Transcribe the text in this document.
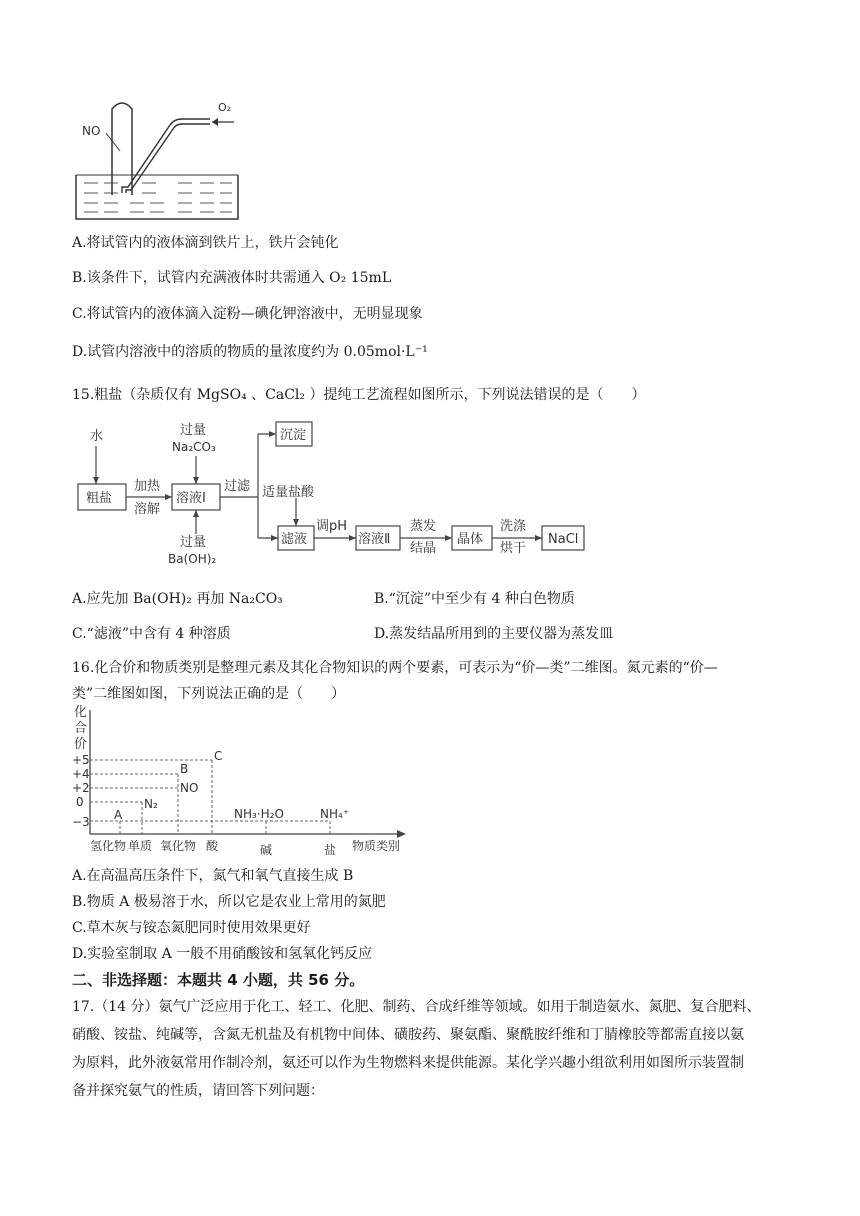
NO
O₂
A.将试管内的液体滴到铁片上，铁片会钝化
B.该条件下，试管内充满液体时共需通入 O₂ 15mL
C.将试管内的液体滴入淀粉—碘化钾溶液中，无明显现象
D.试管内溶液中的溶质的物质的量浓度约为 0.05mol·L⁻¹
15.粗盐（杂质仅有 MgSO₄ 、CaCl₂ ）提纯工艺流程如图所示，下列说法错误的是（　　）
水
粗盐
加热
溶解
溶液Ⅰ
过量
Na₂CO₃
过量
Ba(OH)₂
过滤
沉淀
适量盐酸
滤液
调pH
溶液Ⅱ
蒸发
结晶
晶体
洗涤
烘干
NaCl
A.应先加 Ba(OH)₂ 再加 Na₂CO₃	B.“沉淀”中至少有 4 种白色物质
C.“滤液”中含有 4 种溶质	D.蒸发结晶所用到的主要仪器为蒸发皿
16.化合价和物质类别是整理元素及其化合物知识的两个要素，可表示为“价—类”二维图。氮元素的“价—
类”二维图如图，下列说法正确的是（　　）
化
合
价
+5
+4
+2
0
−3 A
N₂
NO
B
C
NH₃·H₂O	NH₄⁺
氢化物 单质 氧化物 酸	碱	盐 物质类别
A.在高温高压条件下，氮气和氧气直接生成 B
B.物质 A 极易溶于水，所以它是农业上常用的氮肥
C.草木灰与铵态氮肥同时使用效果更好
D.实验室制取 A 一般不用硝酸铵和氢氧化钙反应
二、非选择题：本题共 4 小题，共 56 分。
17.（14 分）氨气广泛应用于化工、轻工、化肥、制药、合成纤维等领域。如用于制造氨水、氮肥、复合肥料、
硝酸、铵盐、纯碱等，含氮无机盐及有机物中间体、磺胺药、聚氨酯、聚酰胺纤维和丁腈橡胶等都需直接以氨
为原料，此外液氨常用作制冷剂，氨还可以作为生物燃料来提供能源。某化学兴趣小组欲利用如图所示装置制
备并探究氨气的性质，请回答下列问题：
